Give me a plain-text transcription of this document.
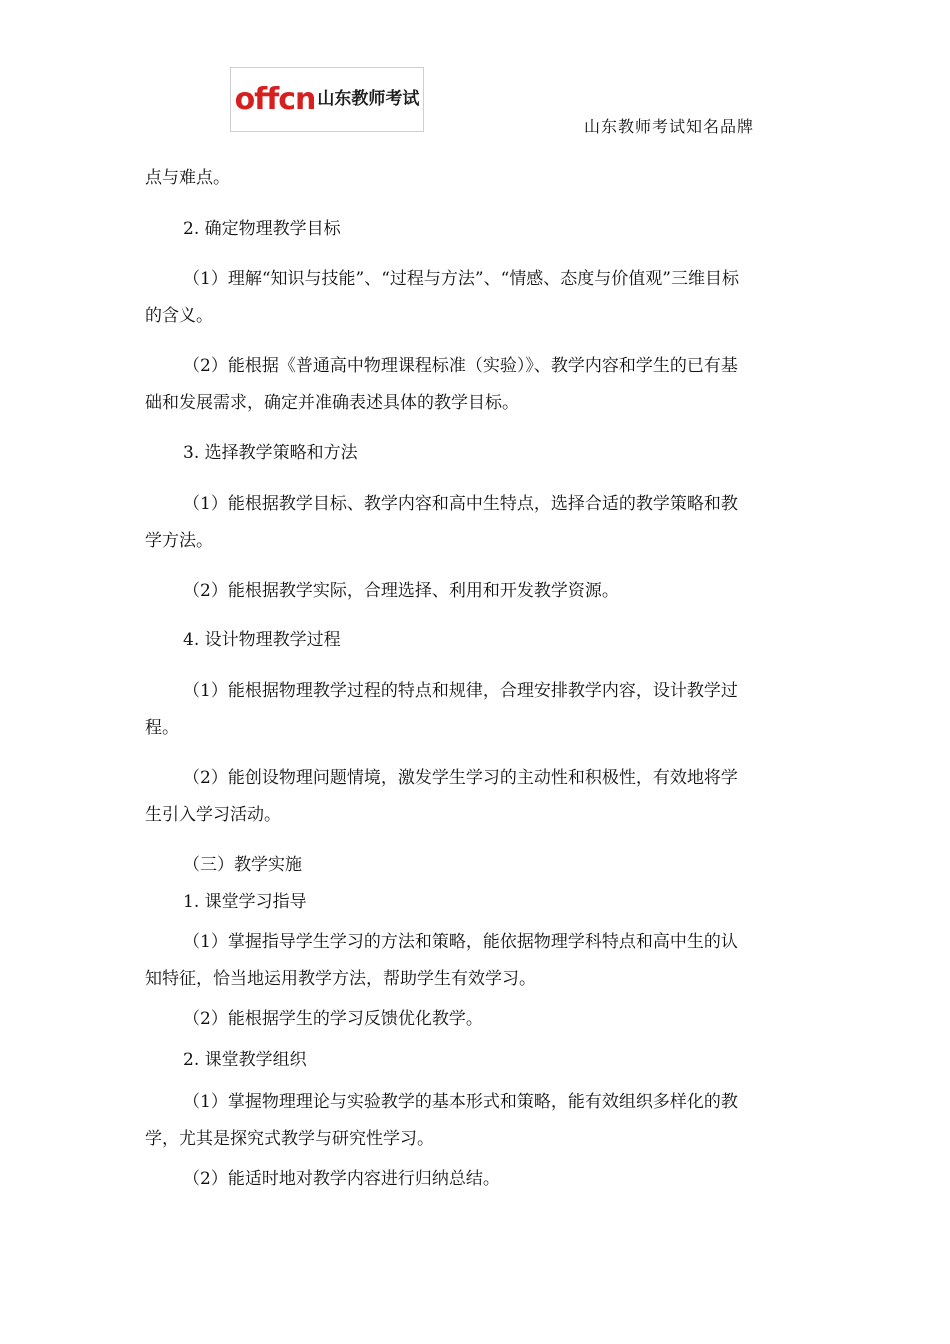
offcn 山东教师考试
山东教师考试知名品牌
点与难点。
2. 确定物理教学目标
（1）理解“知识与技能”、“过程与方法”、“情感、态度与价值观”三维目标
的含义。
（2）能根据《普通高中物理课程标准（实验）》、教学内容和学生的已有基
础和发展需求，确定并准确表述具体的教学目标。
3. 选择教学策略和方法
（1）能根据教学目标、教学内容和高中生特点，选择合适的教学策略和教
学方法。
（2）能根据教学实际，合理选择、利用和开发教学资源。
4. 设计物理教学过程
（1）能根据物理教学过程的特点和规律，合理安排教学内容，设计教学过
程。
（2）能创设物理问题情境，激发学生学习的主动性和积极性，有效地将学
生引入学习活动。
（三）教学实施
1. 课堂学习指导
（1）掌握指导学生学习的方法和策略，能依据物理学科特点和高中生的认
知特征，恰当地运用教学方法，帮助学生有效学习。
（2）能根据学生的学习反馈优化教学。
2. 课堂教学组织
（1）掌握物理理论与实验教学的基本形式和策略，能有效组织多样化的教
学，尤其是探究式教学与研究性学习。
（2）能适时地对教学内容进行归纳总结。
